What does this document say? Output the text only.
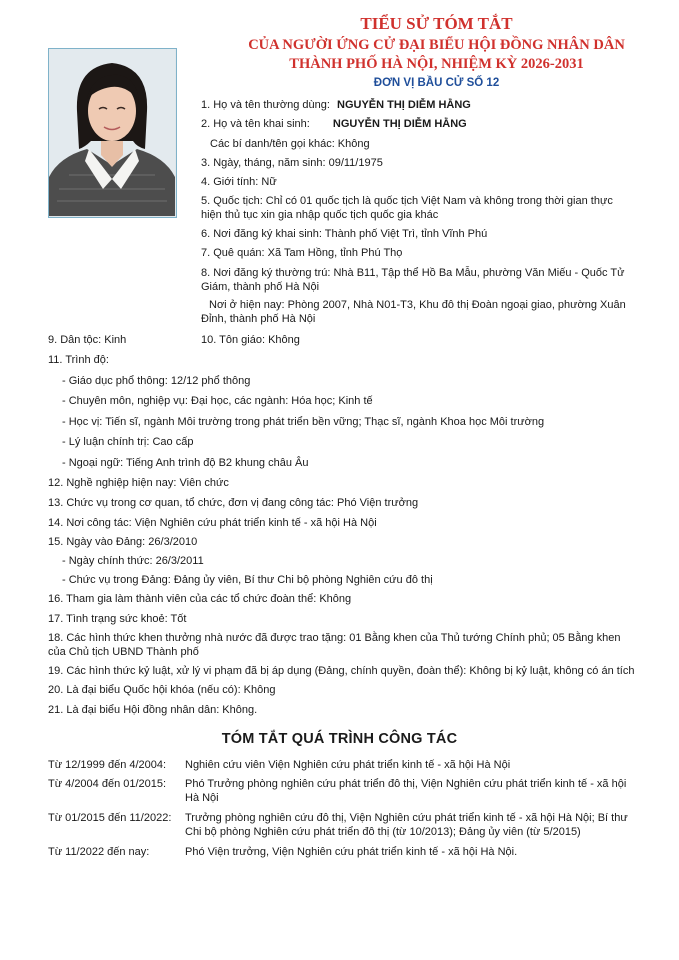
TIỂU SỬ TÓM TẮT
CỦA NGƯỜI ỨNG CỬ ĐẠI BIỂU HỘI ĐỒNG NHÂN DÂN
THÀNH PHỐ HÀ NỘI, NHIỆM KỲ 2026-2031
ĐƠN VỊ BẦU CỬ SỐ 12
1. Họ và tên thường dùng: NGUYỄN THỊ DIỄM HẰNG
2. Họ và tên khai sinh: NGUYỄN THỊ DIỄM HẰNG
Các bí danh/tên gọi khác: Không
3. Ngày, tháng, năm sinh: 09/11/1975
4. Giới tính: Nữ
5. Quốc tịch: Chỉ có 01 quốc tịch là quốc tịch Việt Nam và không trong thời gian thực hiện thủ tục xin gia nhập quốc tịch quốc gia khác
6. Nơi đăng ký khai sinh: Thành phố Việt Trì, tỉnh Vĩnh Phú
7. Quê quán: Xã Tam Hồng, tỉnh Phú Thọ
8. Nơi đăng ký thường trú: Nhà B11, Tập thể Hồ Ba Mẫu, phường Văn Miếu - Quốc Tử Giám, thành phố Hà Nội
Nơi ở hiện nay: Phòng 2007, Nhà N01-T3, Khu đô thị Đoàn ngoại giao, phường Xuân Đỉnh, thành phố Hà Nội
9. Dân tộc: Kinh	10. Tôn giáo: Không
11. Trình độ:
- Giáo dục phổ thông: 12/12 phổ thông
- Chuyên môn, nghiệp vụ: Đại học, các ngành: Hóa học; Kinh tế
- Học vị: Tiến sĩ, ngành Môi trường trong phát triển bền vững; Thạc sĩ, ngành Khoa học Môi trường
- Lý luận chính trị: Cao cấp
- Ngoại ngữ: Tiếng Anh trình độ B2 khung châu Âu
12. Nghề nghiệp hiện nay: Viên chức
13. Chức vụ trong cơ quan, tổ chức, đơn vị đang công tác: Phó Viện trưởng
14. Nơi công tác: Viện Nghiên cứu phát triển kinh tế - xã hội Hà Nội
15. Ngày vào Đảng: 26/3/2010
- Ngày chính thức: 26/3/2011
- Chức vụ trong Đảng: Đảng ủy viên, Bí thư Chi bộ phòng Nghiên cứu đô thị
16. Tham gia làm thành viên của các tổ chức đoàn thể: Không
17. Tình trạng sức khoẻ: Tốt
18. Các hình thức khen thưởng nhà nước đã được trao tặng: 01 Bằng khen của Thủ tướng Chính phủ; 05 Bằng khen của Chủ tịch UBND Thành phố
19. Các hình thức kỷ luật, xử lý vi phạm đã bị áp dụng (Đảng, chính quyền, đoàn thể): Không bị kỷ luật, không có án tích
20. Là đại biểu Quốc hội khóa (nếu có): Không
21. Là đại biểu Hội đồng nhân dân: Không.
TÓM TẮT QUÁ TRÌNH CÔNG TÁC
Từ 12/1999 đến 4/2004: Nghiên cứu viên Viện Nghiên cứu phát triển kinh tế - xã hội Hà Nội
Từ 4/2004 đến 01/2015: Phó Trưởng phòng nghiên cứu phát triển đô thị, Viện Nghiên cứu phát triển kinh tế - xã hội Hà Nội
Từ 01/2015 đến 11/2022: Trưởng phòng nghiên cứu đô thị, Viện Nghiên cứu phát triển kinh tế - xã hội Hà Nội; Bí thư Chi bộ phòng Nghiên cứu phát triển đô thị (từ 10/2013); Đảng ủy viên (từ 5/2015)
Từ 11/2022 đến nay:	Phó Viện trưởng, Viện Nghiên cứu phát triển kinh tế - xã hội Hà Nội.
